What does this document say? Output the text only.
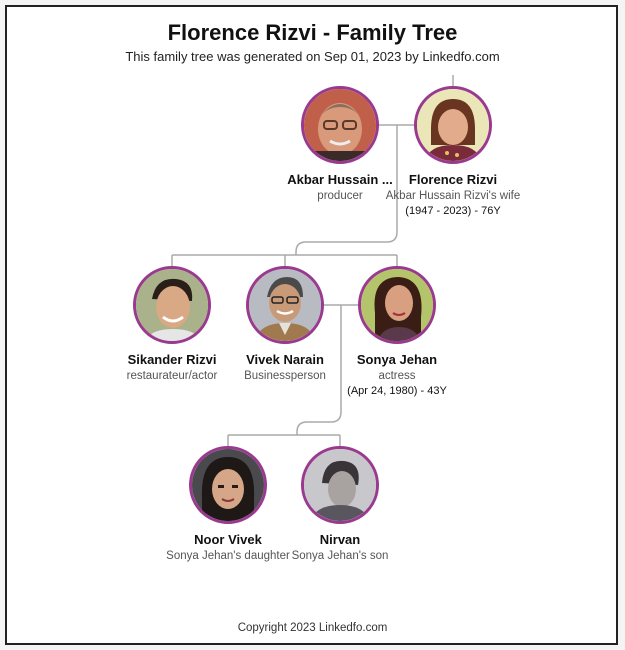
Florence Rizvi - Family Tree
This family tree was generated on Sep 01, 2023 by Linkedfo.com
Akbar Hussain ...
producer
Florence Rizvi
Akbar Hussain Rizvi's wife
(1947 - 2023) - 76Y
Sikander Rizvi
restaurateur/actor
Vivek Narain
Businessperson
Sonya Jehan
actress
(Apr 24, 1980) - 43Y
Noor Vivek
Sonya Jehan's daughter
Nirvan
Sonya Jehan's son
Copyright 2023 Linkedfo.com
